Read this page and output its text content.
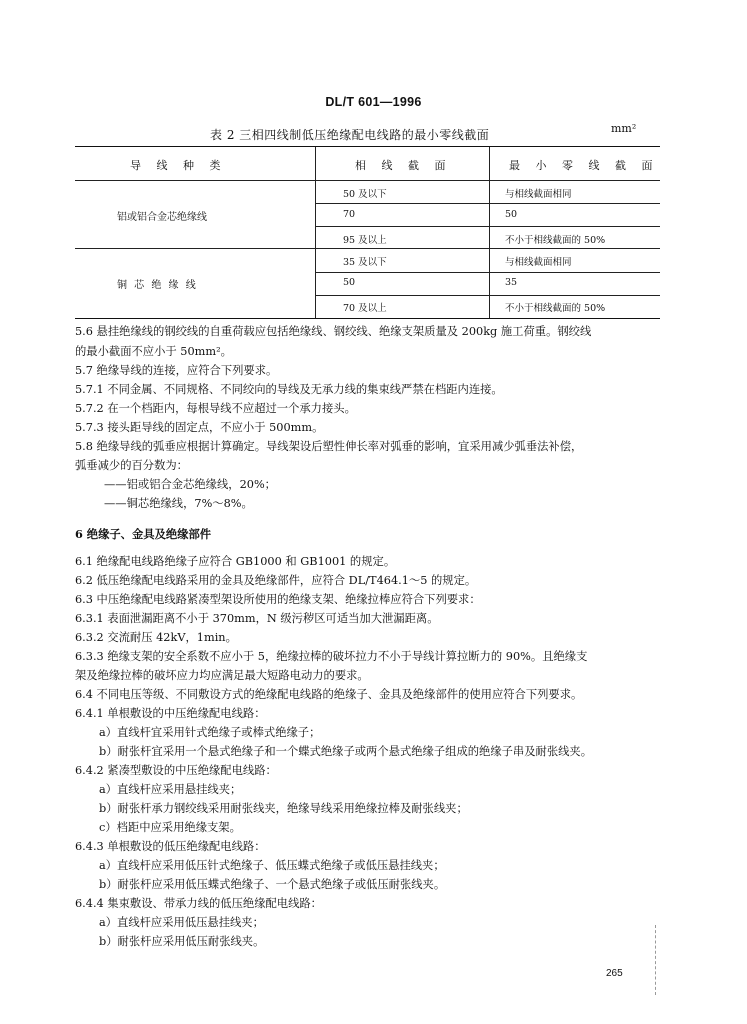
DL/T 601—1996
表 2 三相四线制低压绝缘配电线路的最小零线截面	mm²
导 线 种 类	相 线 截 面	最 小 零 线 截 面
铝或铝合金芯绝缘线
50 及以下	与相线截面相同
70	50
95 及以上	不小于相线截面的 50%
铜 芯 绝 缘 线
35 及以下	与相线截面相同
50	35
70 及以上	不小于相线截面的 50%
5.6 悬挂绝缘线的钢绞线的自重荷载应包括绝缘线、钢绞线、绝缘支架质量及 200kg 施工荷重。钢绞线
的最小截面不应小于 50mm²。
5.7 绝缘导线的连接，应符合下列要求。
5.7.1 不同金属、不同规格、不同绞向的导线及无承力线的集束线严禁在档距内连接。
5.7.2 在一个档距内，每根导线不应超过一个承力接头。
5.7.3 接头距导线的固定点，不应小于 500mm。
5.8 绝缘导线的弧垂应根据计算确定。导线架设后塑性伸长率对弧垂的影响，宜采用减少弧垂法补偿，
弧垂减少的百分数为：
——铝或铝合金芯绝缘线，20%；
——铜芯绝缘线，7%～8%。
6 绝缘子、金具及绝缘部件
6.1 绝缘配电线路绝缘子应符合 GB1000 和 GB1001 的规定。
6.2 低压绝缘配电线路采用的金具及绝缘部件，应符合 DL/T464.1～5 的规定。
6.3 中压绝缘配电线路紧凑型架设所使用的绝缘支架、绝缘拉棒应符合下列要求：
6.3.1 表面泄漏距离不小于 370mm，N 级污秽区可适当加大泄漏距离。
6.3.2 交流耐压 42kV，1min。
6.3.3 绝缘支架的安全系数不应小于 5，绝缘拉棒的破坏拉力不小于导线计算拉断力的 90%。且绝缘支
架及绝缘拉棒的破坏应力均应满足最大短路电动力的要求。
6.4 不同电压等级、不同敷设方式的绝缘配电线路的绝缘子、金具及绝缘部件的使用应符合下列要求。
6.4.1 单根敷设的中压绝缘配电线路：
a）直线杆宜采用针式绝缘子或棒式绝缘子；
b）耐张杆宜采用一个悬式绝缘子和一个蝶式绝缘子或两个悬式绝缘子组成的绝缘子串及耐张线夹。
6.4.2 紧凑型敷设的中压绝缘配电线路：
a）直线杆应采用悬挂线夹；
b）耐张杆承力钢绞线采用耐张线夹，绝缘导线采用绝缘拉棒及耐张线夹；
c）档距中应采用绝缘支架。
6.4.3 单根敷设的低压绝缘配电线路：
a）直线杆应采用低压针式绝缘子、低压蝶式绝缘子或低压悬挂线夹；
b）耐张杆应采用低压蝶式绝缘子、一个悬式绝缘子或低压耐张线夹。
6.4.4 集束敷设、带承力线的低压绝缘配电线路：
a）直线杆应采用低压悬挂线夹；
b）耐张杆应采用低压耐张线夹。
265
